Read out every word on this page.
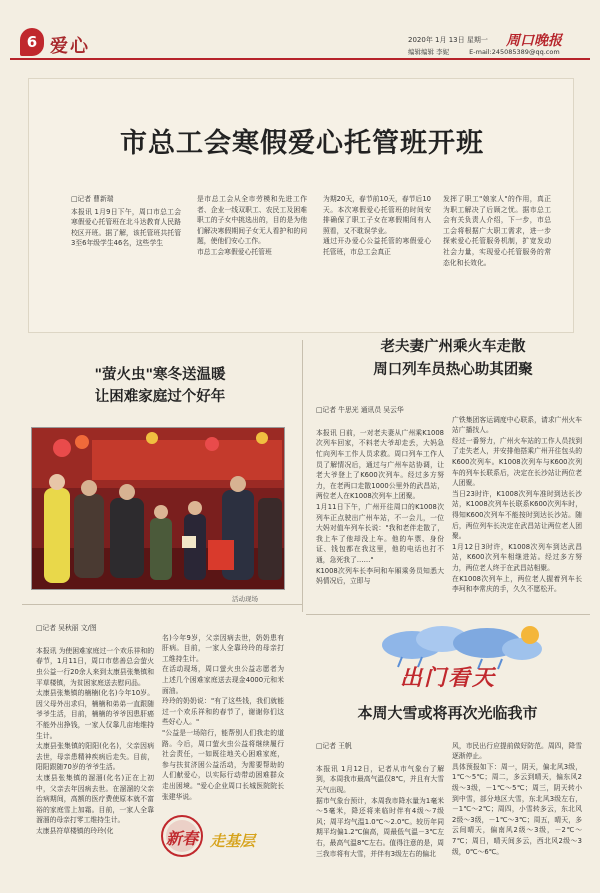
6 爱心	2020年 1月 13日 星期一
编辑编辑 李妮	E-mail:245085389@qq.com
周口晚报
市总工会寒假爱心托管班开班
□记者 曹新瑞
本报讯 1月9日下午，周口市总工会寒假爱心托管班在北斗达教育人民路校区开班。据了解，该托管班共托管3至6年级学生46名，这些学生
是市总工会从全市劳模和先进工作者、企业一线双职工、农民工及困难职工的子女中挑选出的，目的是为他们解决寒假期间子女无人看护和的问题，使他们安心工作。
市总工会寒假爱心托管班
为期20天，春节前10天，春节后10天。本次寒假爱心托管班的时间安排确保了职工子女在寒假期间有人照看，又不耽误学业。
通过开办爱心公益托管的寒假爱心托管班，市总工会真正
发挥了职工"娘家人"的作用，真正为职工解决了后顾之忧。据市总工会有关负责人介绍，下一步，市总工会将根据广大职工需求，进一步探索爱心托管服务机制，扩宽发动社会力量，实现爱心托管服务的常态化和长效化。
老夫妻广州乘火车走散
周口列车员热心助其团聚

□记者 牛思光 通讯员 吴云华

本报讯 日前，一对老夫妻从广州乘K1008次列车回家，不料老大爷却走丢，大妈急忙向列车工作人员求救。周口列车工作人员了解情况后，通过与广州车站协调，让老大爷登上了K600次列车。经过多方努力，在老两口走散1000公里外的武昌站，两位老人在K1008次列车上团聚。
1月11日下午，广州开往周口的K1008次列车正点驶出广州车站，不一会儿，一位大妈对值车列车长说："我和老伴走散了，我上车了他却没上车。他的车票、身份证、钱包都在我这里，他的电话也打不通，急死我了……"
K1008次列车长李珂和车厢乘务员知悉大妈情况后，立即与

广铁集团客运调度中心联系，请求广州火车站广播找人。
经过一番努力，广州火车站的工作人员找到了走失老人，并安排他搭乘广州开往包头的K600次列车。K1008次列车与K600次列车的列车长联系后，决定在长沙站让两位老人团聚。
当日23时许，K1008次列车准时到达长沙站，K1008次列车长联系K600次列车时，得知K600次列车不能按时到达长沙站。随后，两位列车长决定在武昌站让两位老人团聚。
1月12日3时许，K1008次列车到达武昌站，K600次列车相继进站。经过多方努力，两位老人终于在武昌站相聚。
在K1008次列车上，两位老人握着列车长李珂和李常庆的手，久久不愿松开。

"萤火虫"寒冬送温暖
让困难家庭过个好年
活动现场

□记者 吴秋丽 文/图

本报讯 为使困难家庭过一个欢乐祥和的春节，1月11日，周口市慈善总会萤火虫公益一行20余人来到太康县张集镇和平草楼镇，为贫困家庭送去慰问品。
太康县张集镇的楠楠(化名)今年10岁。因父母外出求归，楠楠和弟弟一直跟随爷爷生活，目前，楠楠的爷爷因患肝癌不能外出挣钱，一家人仅靠几亩地维持生计。
太康县张集镇的阳阳(化名)，父亲因病去世，母亲患精神疾病后走失。目前，阳阳跟随70岁的爷爷生活。
太康县张集镇的溜溜(化名)正在上初中，父亲去年因病去世。在溜溜的父亲治病期间，高额的医疗费使原本就不富裕的家庭雪上加霜。目前，一家人全靠溜溜的母亲打零工维持生计。
太康县符草楼镇的玲玲(化

名)今年9岁，父亲因病去世，奶奶患有肝病。目前，一家人全靠玲玲的母亲打工维持生计。
在活动现场，周口萤火虫公益志愿者为上述几个困难家庭送去现金4000元和米面油。
玲玲的奶奶说："有了这些钱，我们就能过一个欢乐祥和的春节了，谢谢你们这些好心人。"
"公益是一场陪行，能帮别人们我走的道路。今后，周口萤火虫公益将继续履行社会责任，一如既往地关心困难家庭，参与扶贫济困公益活动，为需要帮助的人们献爱心，以实际行动带动困难群众走出困境。"爱心企业周口长城医院院长张建华说。

新春 走基层
出门看天
本周大雪或将再次光临我市

□记者 王帆

本报讯 1月12日，记者从市气象台了解到，本周我市最高气温仅8℃，并且有大雪天气出现。
据市气象台预计，本周我市降水量为1毫米～5毫米，降还将来临时伴有4级～7级风；周平均气温1.0℃～2.0℃。较历年同期平均偏1.2℃偏高，周最低气温－3℃左右，最高气温8℃左右。值得注意的是，周三我市将有大雪，并伴有3级左右的偏北

风，市民出行应提前做好防范。周四，降雪逐渐停止。
具体预报如下：周一，阴天，偏北风3级，1℃～5℃；周二，多云到晴天，偏东风2级～3级，－1℃～5℃；周三，阴天转小到中雪，部分地区大雪，东北风3级左右，－1℃～2℃；周四，小雪转多云，东北风2级～3级，－1℃～3℃；周五，晴天，多云间晴天，偏南风2级～3级，－2℃～7℃；周日，晴天间多云，西北风2级～3级，0℃～6℃。
